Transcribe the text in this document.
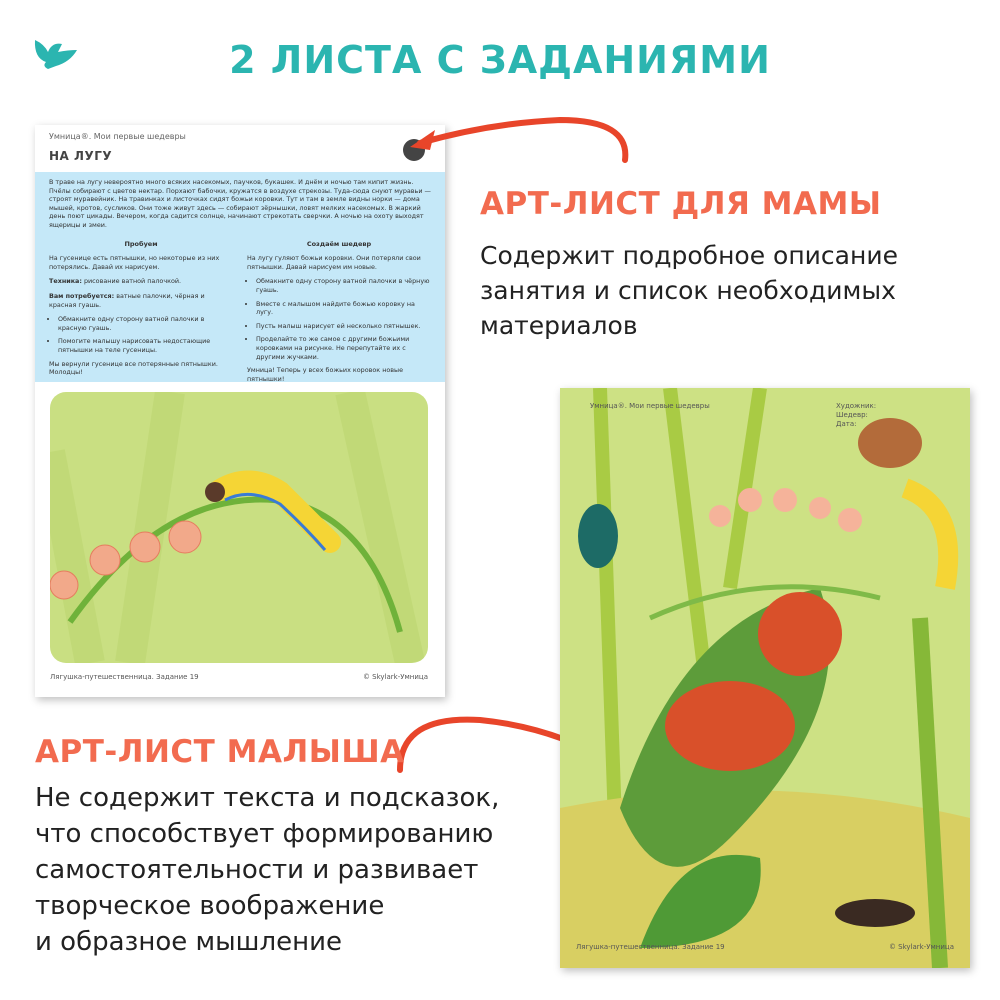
2 ЛИСТА С ЗАДАНИЯМИ
Умница®. Мои первые шедевры
НА ЛУГУ
В траве на лугу невероятно много всяких насекомых, паучков, букашек. И днём и ночью там кипит жизнь. Пчёлы собирают с цветов нектар. Порхают бабочки, кружатся в воздухе стрекозы. Туда-сюда снуют муравьи — строят муравейник. На травинках и листочках сидят божьи коровки. Тут и там в земле видны норки — дома мышей, кротов, сусликов. Они тоже живут здесь — собирают зёрнышки, ловят мелких насекомых. В жаркий день поют цикады. Вечером, когда садится солнце, начинают стрекотать сверчки. А ночью на охоту выходят ящерицы и змеи.
Пробуем

На гусенице есть пятнышки, но некоторые из них потерялись. Давай их нарисуем.

Техника: рисование ватной палочкой.

Вам потребуется: ватные палочки, чёрная и красная гуашь.

• Обмакните одну сторону ватной палочки в красную гуашь.
• Помогите малышу нарисовать недостающие пятнышки на теле гусеницы.

Мы вернули гусенице все потерянные пятнышки. Молодцы!

Создаём шедевр

На лугу гуляют божьи коровки. Они потеряли свои пятнышки. Давай нарисуем им новые.

• Обмакните одну сторону ватной палочки в чёрную гуашь.
• Вместе с малышом найдите божью коровку на лугу.
• Пусть малыш нарисует ей несколько пятнышек.
• Проделайте то же самое с другими божьими коровками на рисунке. Не перепутайте их с другими жучками.

Умница! Теперь у всех божьих коровок новые пятнышки!

Лягушка-путешественница. Задание 19	© Skylark-Умница
АРТ-ЛИСТ ДЛЯ МАМЫ
Содержит подробное описание
занятия и список необходимых
материалов
Умница®. Мои первые шедевры	Художник:
Шедевр:
Дата:
Лягушка-путешественница. Задание 19	© Skylark-Умница
АРТ-ЛИСТ МАЛЫША
Не содержит текста и подсказок,
что способствует формированию
самостоятельности и развивает
творческое воображение
и образное мышление
